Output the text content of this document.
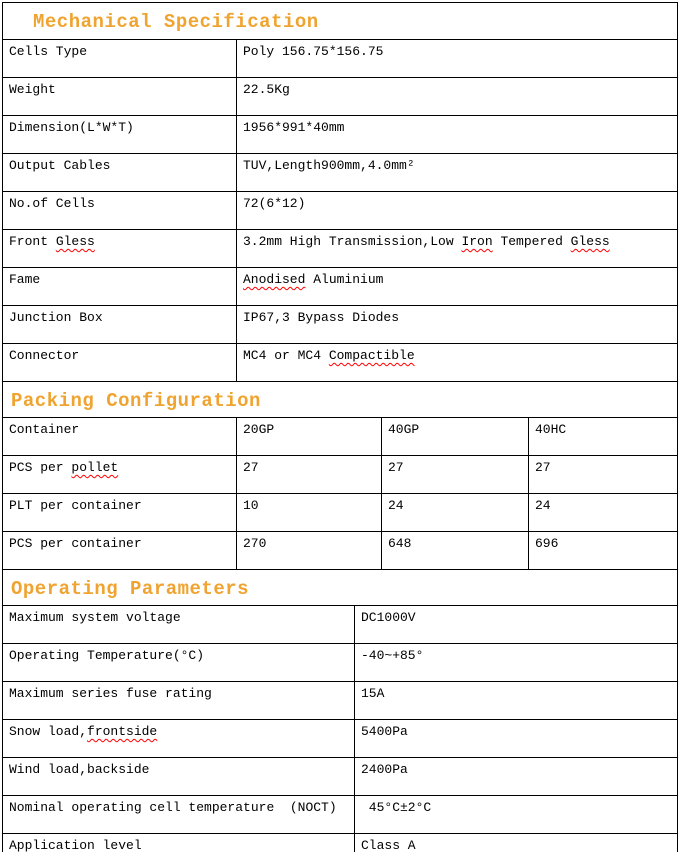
Mechanical Specification
Cells Type	Poly 156.75*156.75
Weight	22.5Kg
Dimension(L*W*T)	1956*991*40mm
Output Cables	TUV,Length900mm,4.0mm²
No.of Cells	72(6*12)
Front Gless	3.2mm High Transmission,Low Iron Tempered Gless
Fame	Anodised Aluminium
Junction Box	IP67,3 Bypass Diodes
Connector	MC4 or MC4 Compactible
Packing Configuration
Container	20GP	40GP	40HC
PCS per pollet	27	27	27
PLT per container	10	24	24
PCS per container	270	648	696
Operating Parameters
Maximum system voltage	DC1000V
Operating Temperature(°C)	-40~+85°
Maximum series fuse rating	15A
Snow load,frontside	5400Pa
Wind load,backside	2400Pa
Nominal operating cell temperature  (NOCT)	45°C±2°C
Application level	Class A
